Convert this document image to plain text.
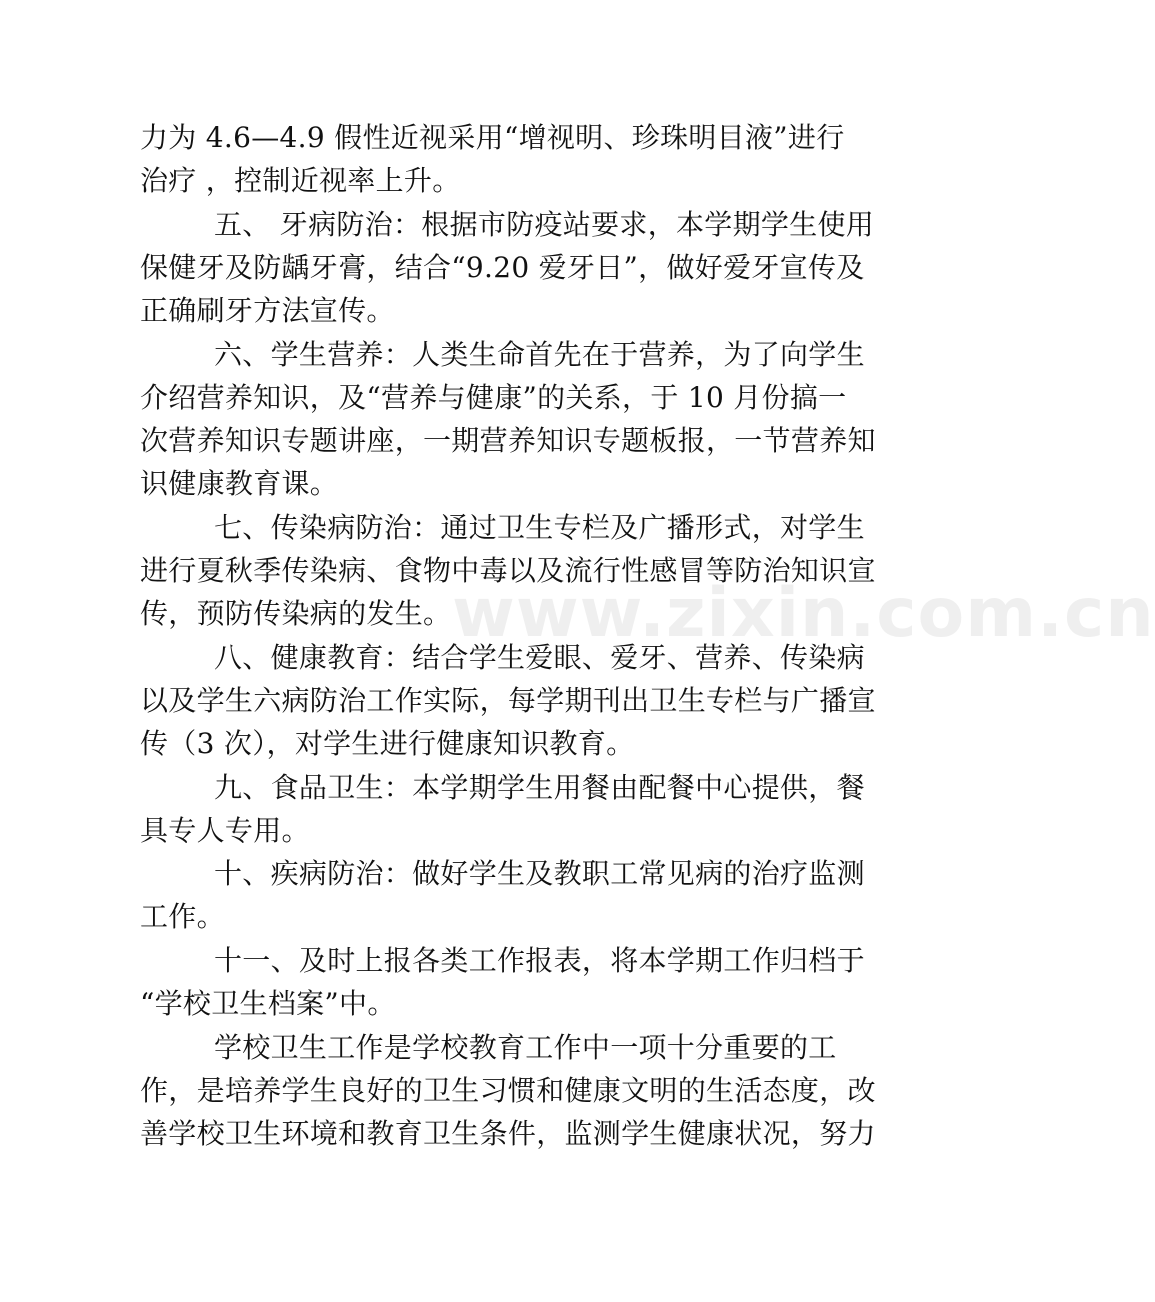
www.zixin.com.cn
力为 4.6—4.9 假性近视采用“增视明、珍珠明目液”进行
治疗 ，控制近视率上升。
五、 牙病防治：根据市防疫站要求，本学期学生使用
保健牙及防龋牙膏，结合“9.20 爱牙日”，做好爱牙宣传及
正确刷牙方法宣传。
六、学生营养：人类生命首先在于营养，为了向学生
介绍营养知识，及“营养与健康”的关系，于 10 月份搞一
次营养知识专题讲座，一期营养知识专题板报，一节营养知
识健康教育课。
七、传染病防治：通过卫生专栏及广播形式，对学生
进行夏秋季传染病、食物中毒以及流行性感冒等防治知识宣
传，预防传染病的发生。
八、健康教育：结合学生爱眼、爱牙、营养、传染病
以及学生六病防治工作实际，每学期刊出卫生专栏与广播宣
传（3 次），对学生进行健康知识教育。
九、食品卫生：本学期学生用餐由配餐中心提供，餐
具专人专用。
十、疾病防治：做好学生及教职工常见病的治疗监测
工作。
十一、及时上报各类工作报表，将本学期工作归档于
“学校卫生档案”中。
学校卫生工作是学校教育工作中一项十分重要的工
作，是培养学生良好的卫生习惯和健康文明的生活态度，改
善学校卫生环境和教育卫生条件，监测学生健康状况，努力
